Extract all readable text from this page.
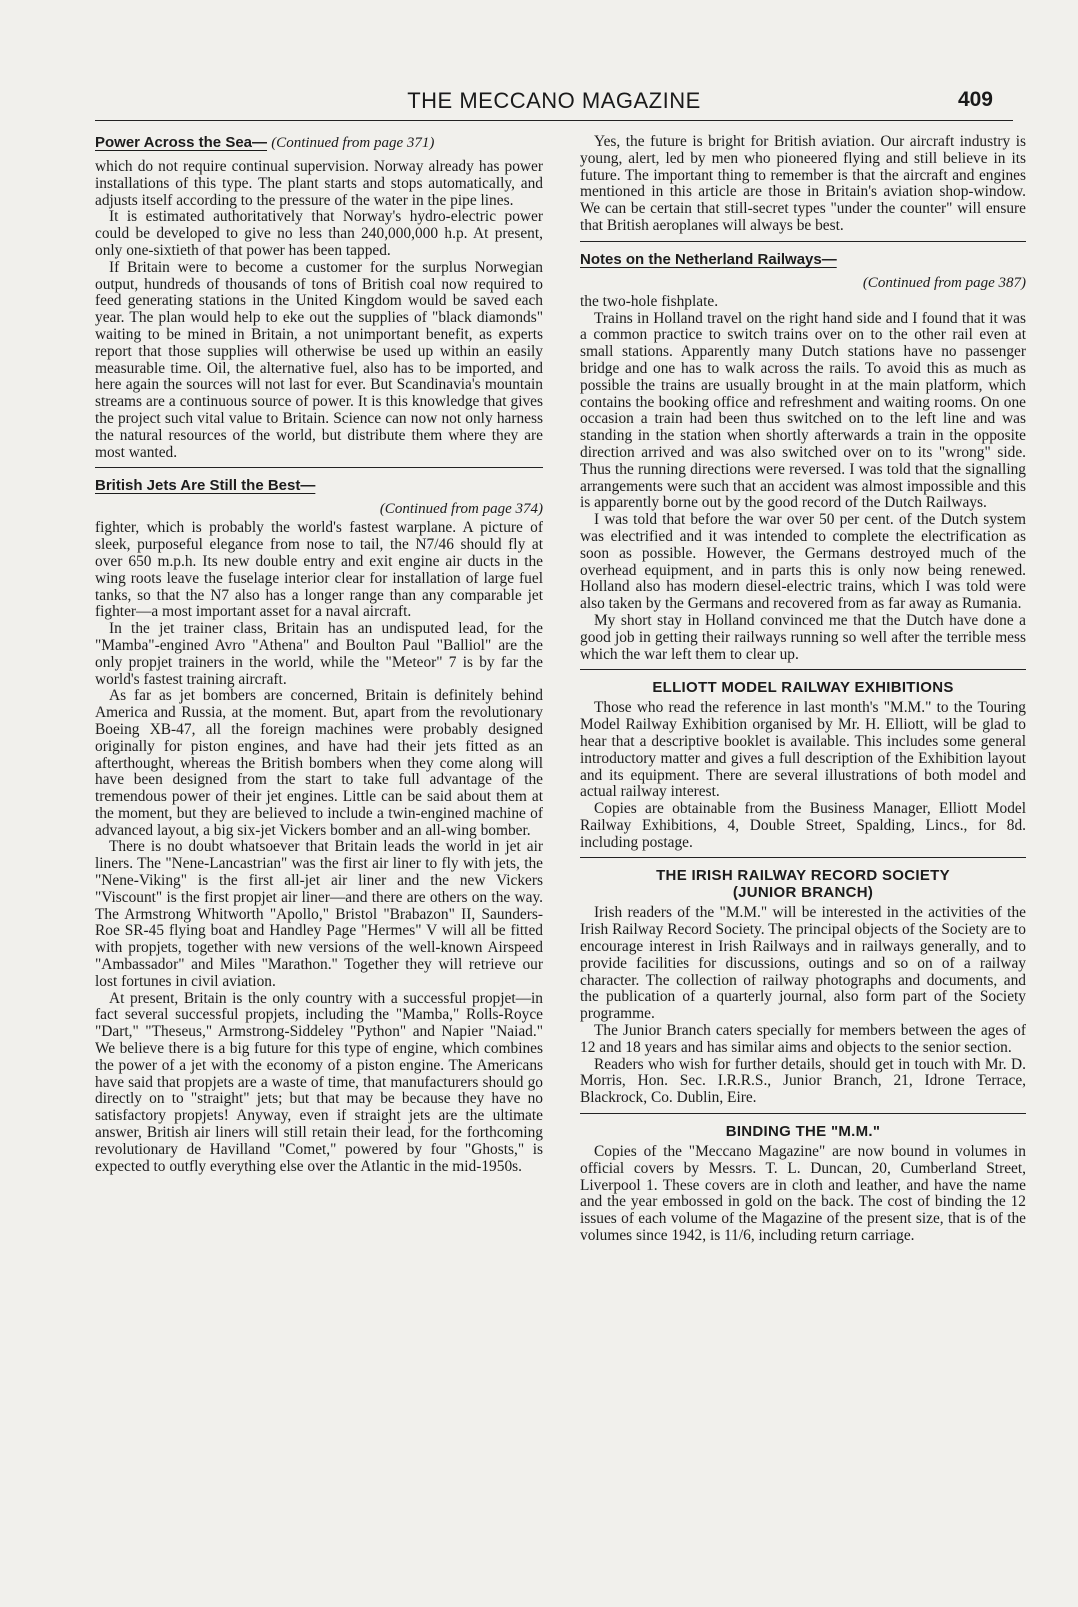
THE MECCANO MAGAZINE	409
Power Across the Sea— (Continued from page 371)

which do not require continual supervision. Norway already has power installations of this type. The plant starts and stops automatically, and adjusts itself according to the pressure of the water in the pipe lines.

It is estimated authoritatively that Norway's hydro-electric power could be developed to give no less than 240,000,000 h.p. At present, only one-sixtieth of that power has been tapped.

If Britain were to become a customer for the surplus Norwegian output, hundreds of thousands of tons of British coal now required to feed generating stations in the United Kingdom would be saved each year. The plan would help to eke out the supplies of "black diamonds" waiting to be mined in Britain, a not unimportant benefit, as experts report that those supplies will otherwise be used up within an easily measurable time. Oil, the alternative fuel, also has to be imported, and here again the sources will not last for ever. But Scandinavia's mountain streams are a continuous source of power. It is this knowledge that gives the project such vital value to Britain. Science can now not only harness the natural resources of the world, but distribute them where they are most wanted.

British Jets Are Still the Best—
(Continued from page 374)

fighter, which is probably the world's fastest warplane. A picture of sleek, purposeful elegance from nose to tail, the N7/46 should fly at over 650 m.p.h. Its new double entry and exit engine air ducts in the wing roots leave the fuselage interior clear for installation of large fuel tanks, so that the N7 also has a longer range than any comparable jet fighter—a most important asset for a naval aircraft.

In the jet trainer class, Britain has an undisputed lead, for the "Mamba"-engined Avro "Athena" and Boulton Paul "Balliol" are the only propjet trainers in the world, while the "Meteor" 7 is by far the world's fastest training aircraft.

As far as jet bombers are concerned, Britain is definitely behind America and Russia, at the moment. But, apart from the revolutionary Boeing XB-47, all the foreign machines were probably designed originally for piston engines, and have had their jets fitted as an afterthought, whereas the British bombers when they come along will have been designed from the start to take full advantage of the tremendous power of their jet engines. Little can be said about them at the moment, but they are believed to include a twin-engined machine of advanced layout, a big six-jet Vickers bomber and an all-wing bomber.

There is no doubt whatsoever that Britain leads the world in jet air liners. The "Nene-Lancastrian" was the first air liner to fly with jets, the "Nene-Viking" is the first all-jet air liner and the new Vickers "Viscount" is the first propjet air liner—and there are others on the way. The Armstrong Whitworth "Apollo," Bristol "Brabazon" II, Saunders-Roe SR-45 flying boat and Handley Page "Hermes" V will all be fitted with propjets, together with new versions of the well-known Airspeed "Ambassador" and Miles "Marathon." Together they will retrieve our lost fortunes in civil aviation.

At present, Britain is the only country with a successful propjet—in fact several successful propjets, including the "Mamba," Rolls-Royce "Dart," "Theseus," Armstrong-Siddeley "Python" and Napier "Naiad." We believe there is a big future for this type of engine, which combines the power of a jet with the economy of a piston engine. The Americans have said that propjets are a waste of time, that manufacturers should go directly on to "straight" jets; but that may be because they have no satisfactory propjets! Anyway, even if straight jets are the ultimate answer, British air liners will still retain their lead, for the forthcoming revolutionary de Havilland "Comet," powered by four "Ghosts," is expected to outfly everything else over the Atlantic in the mid-1950s.

Yes, the future is bright for British aviation. Our aircraft industry is young, alert, led by men who pioneered flying and still believe in its future. The important thing to remember is that the aircraft and engines mentioned in this article are those in Britain's aviation shop-window. We can be certain that still-secret types "under the counter" will ensure that British aeroplanes will always be best.

Notes on the Netherland Railways—
(Continued from page 387)

the two-hole fishplate.

Trains in Holland travel on the right hand side and I found that it was a common practice to switch trains over on to the other rail even at small stations. Apparently many Dutch stations have no passenger bridge and one has to walk across the rails. To avoid this as much as possible the trains are usually brought in at the main platform, which contains the booking office and refreshment and waiting rooms. On one occasion a train had been thus switched on to the left line and was standing in the station when shortly afterwards a train in the opposite direction arrived and was also switched over on to its "wrong" side. Thus the running directions were reversed. I was told that the signalling arrangements were such that an accident was almost impossible and this is apparently borne out by the good record of the Dutch Railways.

I was told that before the war over 50 per cent. of the Dutch system was electrified and it was intended to complete the electrification as soon as possible. However, the Germans destroyed much of the overhead equipment, and in parts this is only now being renewed. Holland also has modern diesel-electric trains, which I was told were also taken by the Germans and recovered from as far away as Rumania.

My short stay in Holland convinced me that the Dutch have done a good job in getting their railways running so well after the terrible mess which the war left them to clear up.

ELLIOTT MODEL RAILWAY EXHIBITIONS

Those who read the reference in last month's "M.M." to the Touring Model Railway Exhibition organised by Mr. H. Elliott, will be glad to hear that a descriptive booklet is available. This includes some general introductory matter and gives a full description of the Exhibition layout and its equipment. There are several illustrations of both model and actual railway interest.

Copies are obtainable from the Business Manager, Elliott Model Railway Exhibitions, 4, Double Street, Spalding, Lincs., for 8d. including postage.

THE IRISH RAILWAY RECORD SOCIETY
(JUNIOR BRANCH)

Irish readers of the "M.M." will be interested in the activities of the Irish Railway Record Society. The principal objects of the Society are to encourage interest in Irish Railways and in railways generally, and to provide facilities for discussions, outings and so on of a railway character. The collection of railway photographs and documents, and the publication of a quarterly journal, also form part of the Society programme.

The Junior Branch caters specially for members between the ages of 12 and 18 years and has similar aims and objects to the senior section.

Readers who wish for further details, should get in touch with Mr. D. Morris, Hon. Sec. I.R.R.S., Junior Branch, 21, Idrone Terrace, Blackrock, Co. Dublin, Eire.

BINDING THE "M.M."

Copies of the "Meccano Magazine" are now bound in volumes in official covers by Messrs. T. L. Duncan, 20, Cumberland Street, Liverpool 1. These covers are in cloth and leather, and have the name and the year embossed in gold on the back. The cost of binding the 12 issues of each volume of the Magazine of the present size, that is of the volumes since 1942, is 11/6, including return carriage.
